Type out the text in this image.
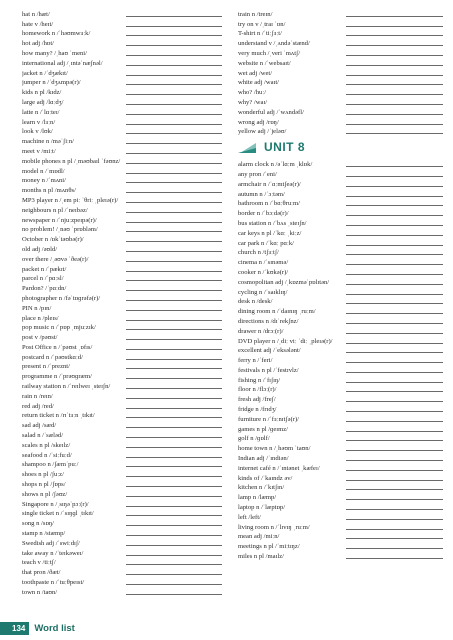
hat n /hæt/
hate v /heɪt/
homework n /ˈhəʊmwɜːk/
hot adj /hɒt/
how many? /ˌhaʊ ˈmeni/
international adj /ˌɪntəˈnæʃnəl/
jacket n /ˈdʒækɪt/
jumper n /ˈdʒʌmpə(r)/
kids n pl /kɪdz/
large adj /lɑːdʒ/
latte n /ˈlɑːteɪ/
learn v /lɜːn/
look v /lʊk/
machine n /məˈʃiːn/
meet v /miːt/
mobile phones n pl /ˌməʊbaɪl ˈfəʊnz/
model n /ˈmɒdl/
money n /ˈmʌni/
months n pl /mʌnθs/
MP3 player n /ˌem piː ˈθriː ˌpleɪə(r)/
neighbours n pl /ˈneɪbəz/
newspaper n /ˈnjuːzpeɪpə(r)/
no problem! /ˌnəʊ ˈprɒbləm/
October n /ɒkˈtəʊbə(r)/
old adj /əʊld/
over there /ˌəʊvə ˈðeə(r)/
packet n /ˈpækɪt/
parcel n /ˈpɑːsl/
Pardon? /ˈpɑːdn/
photographer n /fəˈtɒɡrəfə(r)/
PIN n /pɪn/
place n /pleɪs/
pop music n /ˈpɒp ˌmjuːzɪk/
post v /pəʊst/
Post Office n /ˈpəʊst ˌɒfɪs/
postcard n /ˈpəʊstkɑːd/
present n /ˈpreznt/
programme n /ˈprəʊɡræm/
railway station n /ˈreɪlweɪ ˌsteɪʃn/
rain n /reɪn/
red adj /red/
return ticket n /rɪˈtɜːn ˌtɪkɪt/
sad adj /sæd/
salad n /ˈsæləd/
scales n pl /skeɪlz/
seafood n /ˈsiːfuːd/
shampoo n /ʃæmˈpuː/
shoes n pl /ʃuːz/
shops n pl /ʃɒps/
shows n pl /ʃəʊz/
Singapore n /ˌsɪŋəˈpɔː(r)/
single ticket n /ˈsɪŋɡl ˌtɪkɪt/
song n /sɒŋ/
stamp n /stæmp/
Swedish adj /ˈswiːdɪʃ/
take away n /ˈteɪkəweɪ/
teach v /tiːtʃ/
that pron /ðæt/
toothpaste n /ˈtuːθpeɪst/
town n /taʊn/
train n /treɪn/
try on v /ˌtraɪ ˈɒn/
T-shirt n /ˈtiːʃɜːt/
understand v /ˌʌndəˈstænd/
very much /ˌveri ˈmʌtʃ/
website n /ˈwebsaɪt/
wet adj /wet/
white adj /waɪt/
who? /huː/
why? /waɪ/
wonderful adj /ˈwʌndəfl/
wrong adj /rɒŋ/
yellow adj /ˈjeləʊ/
UNIT 8
alarm clock n /əˈlɑːm ˌklɒk/
any pron /ˈeni/
armchair n /ˈɑːmtʃeə(r)/
autumn n /ˈɔːtəm/
bathroom n /ˈbɑːθruːm/
border n /ˈbɔːdə(r)/
bus station n /ˈbʌs ˌsteɪʃn/
car keys n pl /ˈkɑː ˌkiːz/
car park n /ˈkɑː pɑːk/
church n /tʃɜːtʃ/
cinema n /ˈsɪnəmə/
cooker n /ˈkʊkə(r)/
cosmopolitan adj /ˌkɒzməˈpɒlɪtən/
cycling n /ˈsaɪklɪŋ/
desk n /desk/
dining room n /ˈdaɪnɪŋ ˌruːm/
directions n /dɪˈrekʃnz/
drawer n /drɔː(r)/
DVD player n /ˌdiː viː ˈdiː ˌpleɪə(r)/
excellent adj /ˈeksələnt/
ferry n /ˈferi/
festivals n pl /ˈfestɪvlz/
fishing n /ˈfɪʃɪŋ/
floor n /flɔː(r)/
fresh adj /freʃ/
fridge n /frɪdʒ/
furniture n /ˈfɜːnɪtʃə(r)/
games n pl /ɡeɪmz/
golf n /ɡɒlf/
home town n /ˌhəʊm ˈtaʊn/
Indian adj /ˈɪndiən/
internet café n /ˈɪntənet ˌkæfeɪ/
kinds of /ˈkaɪndz əv/
kitchen n /ˈkɪtʃɪn/
lamp n /læmp/
laptop n /ˈlæptɒp/
left /left/
living room n /ˈlɪvɪŋ ˌruːm/
mean adj /miːn/
meetings n pl /ˈmiːtɪŋz/
miles n pl /maɪlz/
134 Word list
